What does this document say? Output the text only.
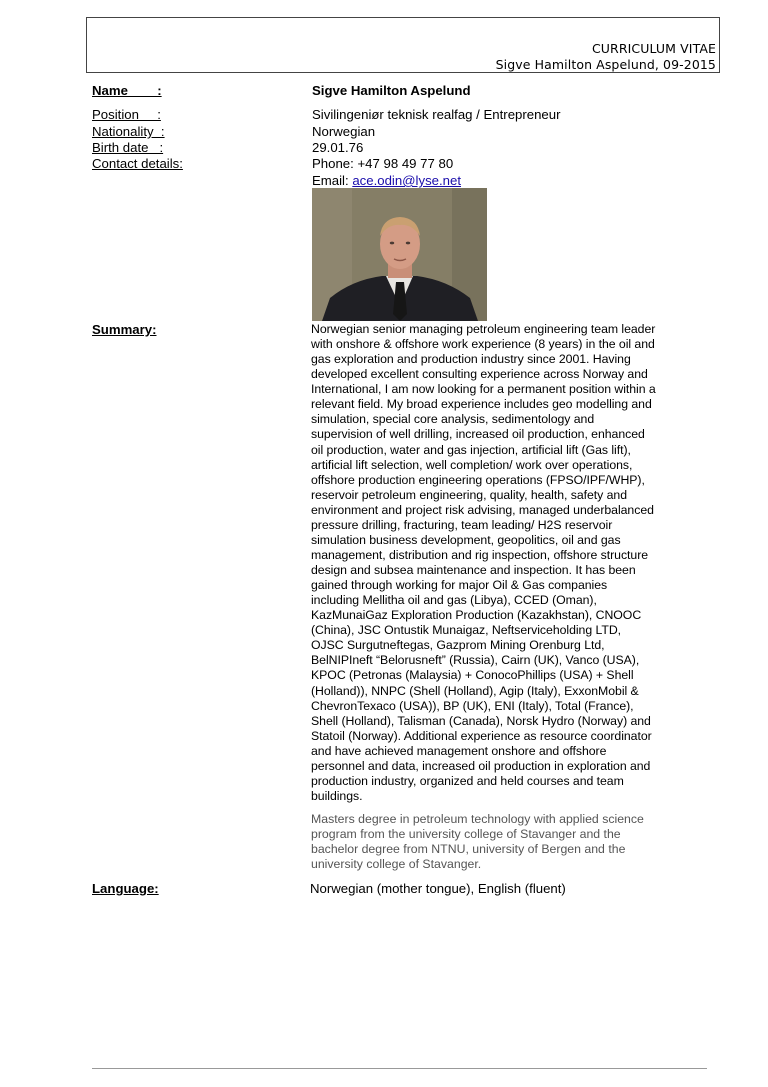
CURRICULUM VITAE
Sigve Hamilton Aspelund, 09-2015
Name        :	Sigve Hamilton Aspelund
Position     :	Sivilingeniør teknisk realfag / Entrepreneur
Nationality  :	Norwegian
Birth date   :	29.01.76
Contact details:	Phone: +47 98 49 77 80
Email: ace.odin@lyse.net
Summary:	Norwegian senior managing petroleum engineering team leader

with onshore & offshore work experience (8 years) in the oil and

gas exploration and production industry since 2001. Having

developed excellent consulting experience across Norway and

International, I am now looking for a permanent position within a

relevant field. My broad experience includes geo modelling and

simulation, special core analysis, sedimentology and

supervision of well drilling, increased oil production, enhanced

oil production, water and gas injection, artificial lift (Gas lift),

artificial lift selection, well completion/ work over operations,

offshore production engineering operations (FPSO/IPF/WHP),

reservoir petroleum engineering, quality, health, safety and

environment and project risk advising, managed underbalanced

pressure drilling, fracturing, team leading/ H2S reservoir

simulation business development, geopolitics, oil and gas

management, distribution and rig inspection, offshore structure

design and subsea maintenance and inspection. It has been

gained through working for major Oil & Gas companies

including Mellitha oil and gas (Libya), CCED (Oman),

KazMunaiGaz Exploration Production (Kazakhstan), CNOOC

(China), JSC Ontustik Munaigaz, Neftserviceholding LTD,

OJSC Surgutneftegas, Gazprom Mining Orenburg Ltd,

BelNIPIneft “Belorusneft” (Russia), Cairn (UK), Vanco (USA),

KPOC (Petronas (Malaysia) + ConocoPhillips (USA) + Shell

(Holland)), NNPC (Shell (Holland), Agip (Italy), ExxonMobil &

ChevronTexaco (USA)), BP (UK), ENI (Italy), Total (France),

Shell (Holland), Talisman (Canada), Norsk Hydro (Norway) and

Statoil (Norway). Additional experience as resource coordinator

and have achieved management onshore and offshore

personnel and data, increased oil production in exploration and

production industry, organized and held courses and team

buildings.

Masters degree in petroleum technology with applied science

program from the university college of Stavanger and the

bachelor degree from NTNU, university of Bergen and the

university college of Stavanger.

Language:	Norwegian (mother tongue), English (fluent)
